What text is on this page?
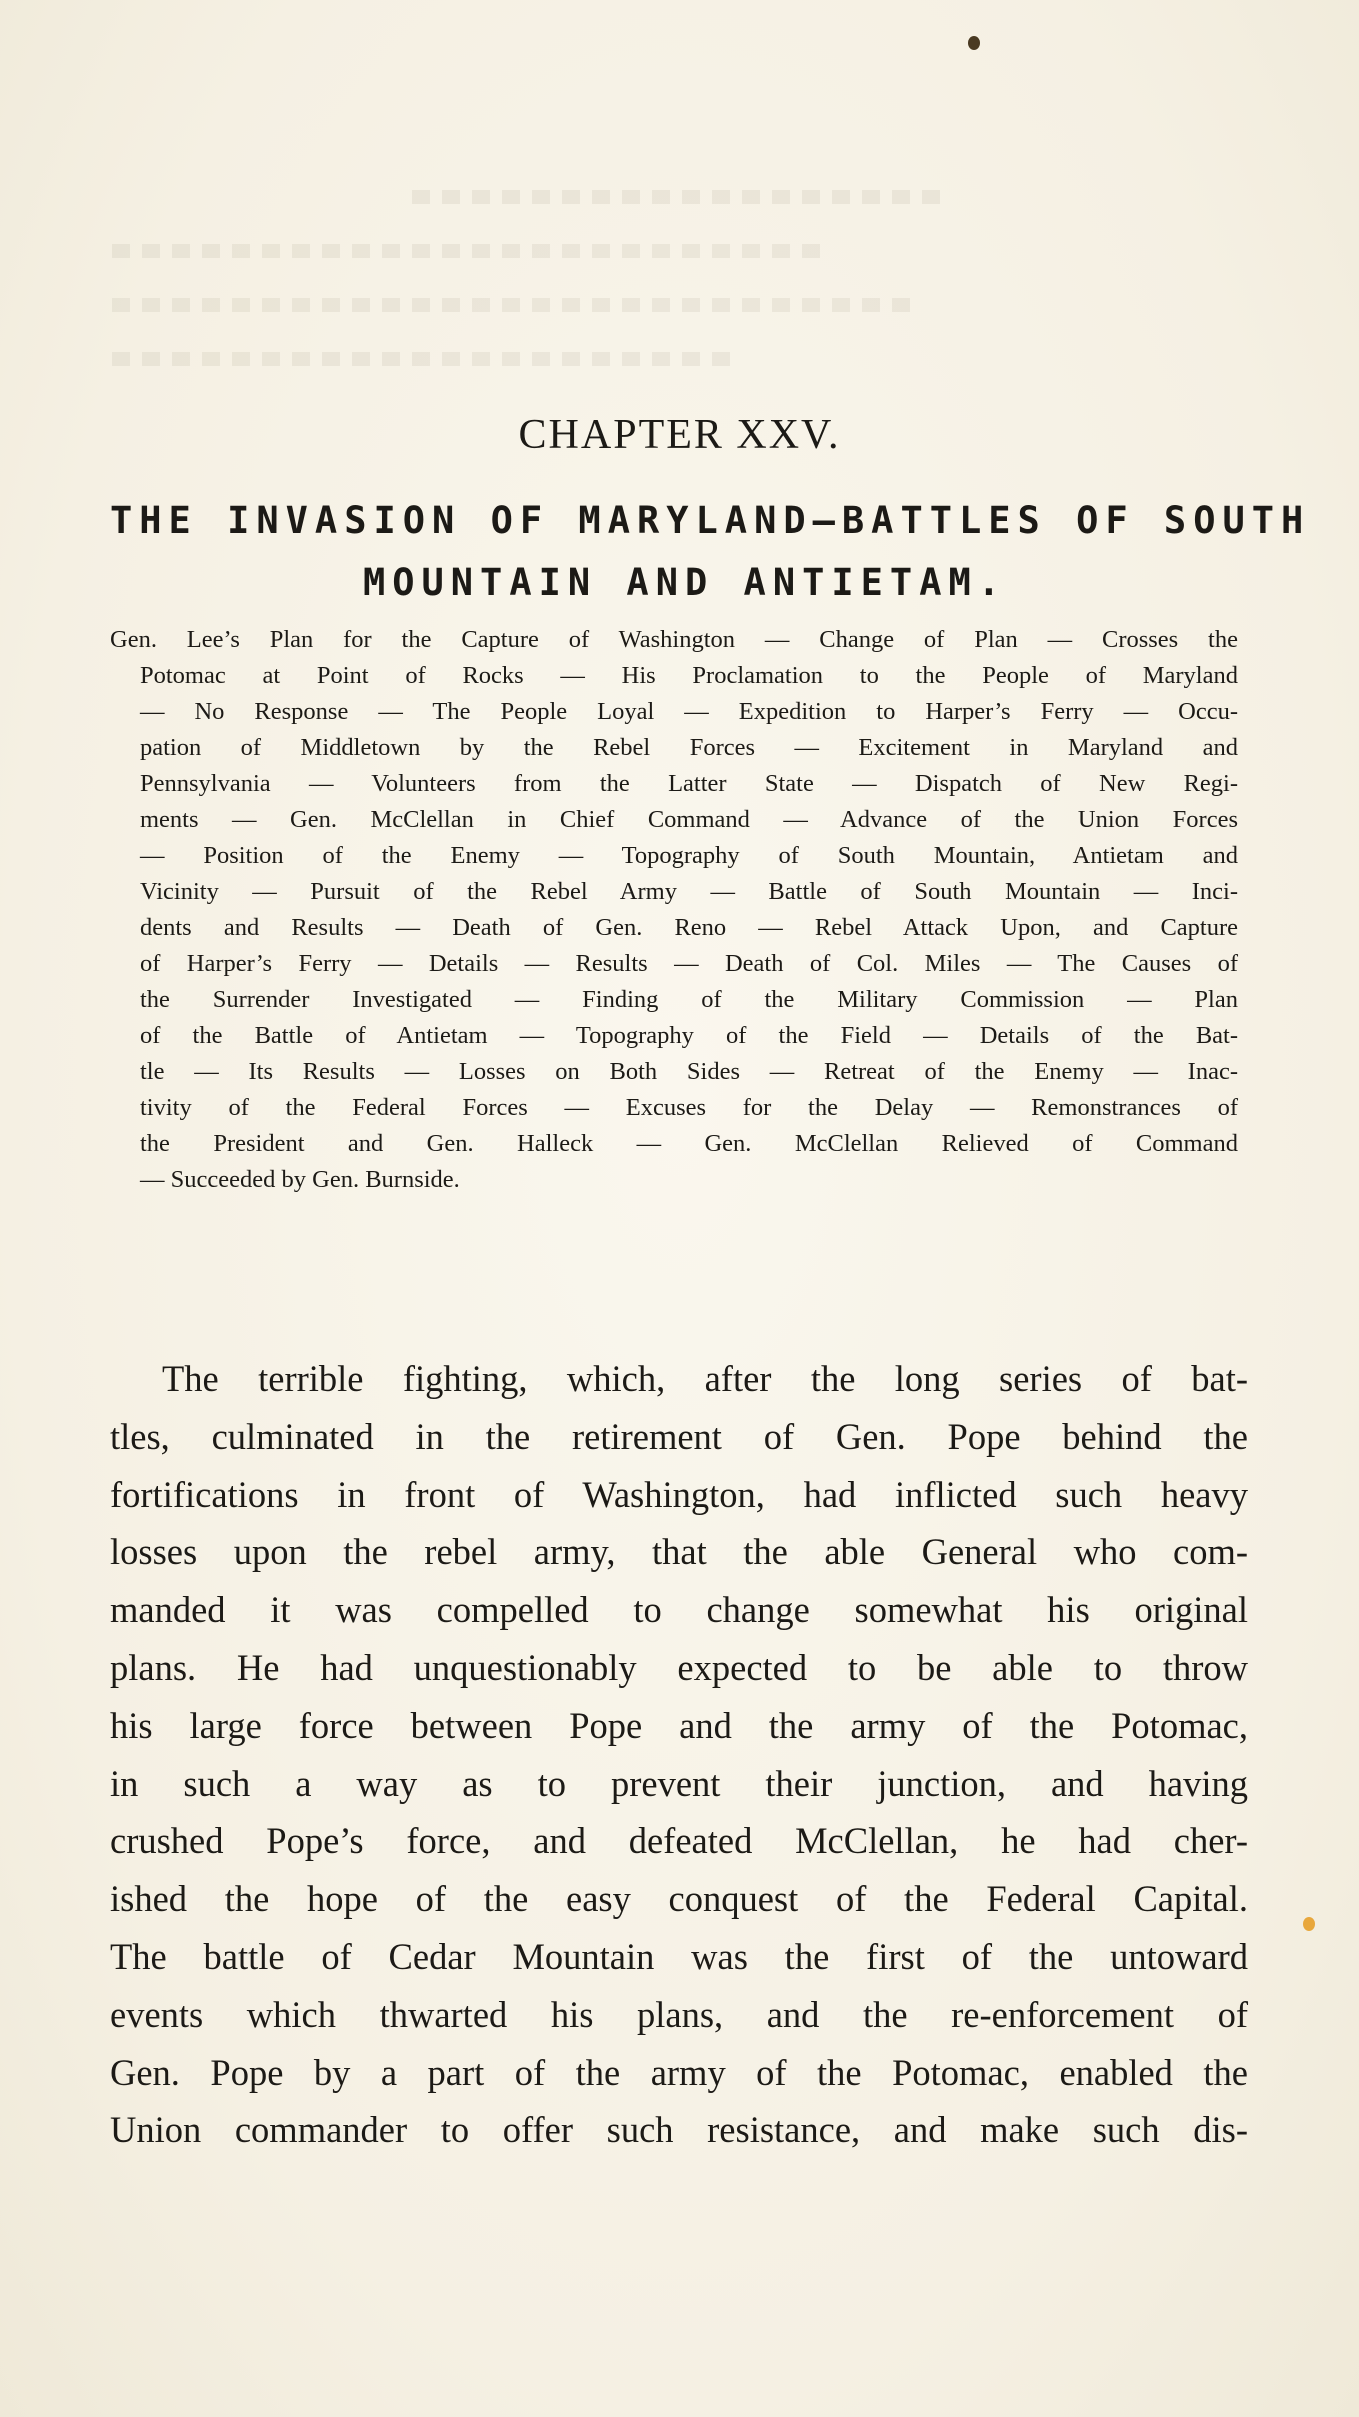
CHAPTER XXV.
THE INVASION OF MARYLAND—BATTLES OF SOUTH
MOUNTAIN AND ANTIETAM.
Gen. Lee’s Plan for the Capture of Washington — Change of Plan — Crosses the
Potomac at Point of Rocks — His Proclamation to the People of Maryland
— No Response — The People Loyal — Expedition to Harper’s Ferry — Occu-
pation of Middletown by the Rebel Forces — Excitement in Maryland and
Pennsylvania — Volunteers from the Latter State — Dispatch of New Regi-
ments — Gen. McClellan in Chief Command — Advance of the Union Forces
— Position of the Enemy — Topography of South Mountain, Antietam and
Vicinity — Pursuit of the Rebel Army — Battle of South Mountain — Inci-
dents and Results — Death of Gen. Reno — Rebel Attack Upon, and Capture
of Harper’s Ferry — Details — Results — Death of Col. Miles — The Causes of
the Surrender Investigated — Finding of the Military Commission — Plan
of the Battle of Antietam — Topography of the Field — Details of the Bat-
tle — Its Results — Losses on Both Sides — Retreat of the Enemy — Inac-
tivity of the Federal Forces — Excuses for the Delay — Remonstrances of
the President and Gen. Halleck — Gen. McClellan Relieved of Command
— Succeeded by Gen. Burnside.
The terrible fighting, which, after the long series of bat-
tles, culminated in the retirement of Gen. Pope behind the
fortifications in front of Washington, had inflicted such heavy
losses upon the rebel army, that the able General who com-
manded it was compelled to change somewhat his original
plans. He had unquestionably expected to be able to throw
his large force between Pope and the army of the Potomac,
in such a way as to prevent their junction, and having
crushed Pope’s force, and defeated McClellan, he had cher-
ished the hope of the easy conquest of the Federal Capital.
The battle of Cedar Mountain was the first of the untoward
events which thwarted his plans, and the re-enforcement of
Gen. Pope by a part of the army of the Potomac, enabled the
Union commander to offer such resistance, and make such dis-
